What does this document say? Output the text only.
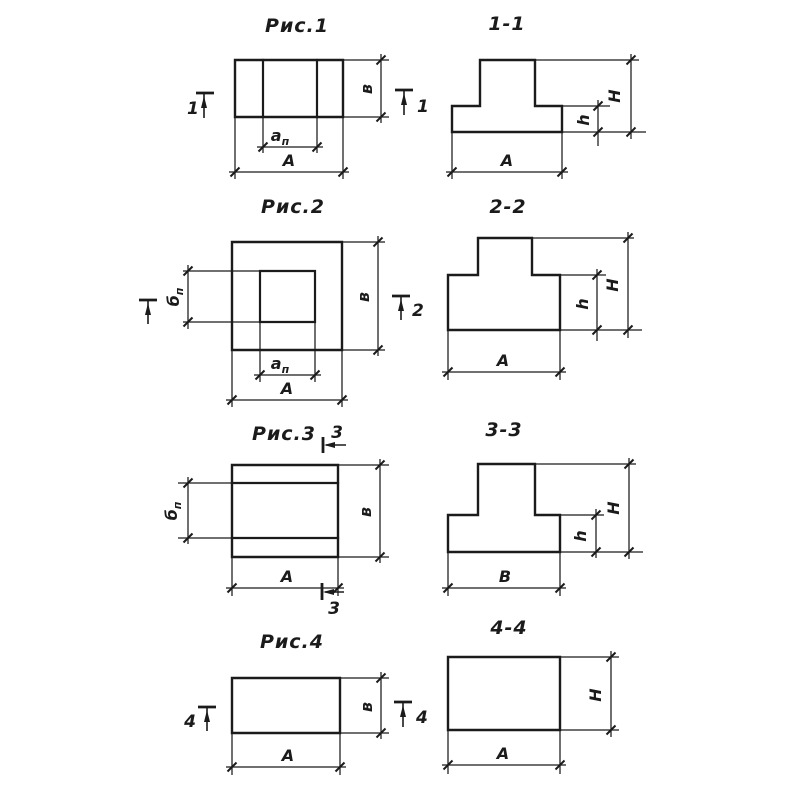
Рис.1
$а_п$
А
в
1	1
1-1
Н
h
А
Рис.2
$б_п$
в
$а_п$
А
2
2-2
Н
h
А
Рис.3 3
$б_п$
в
А
3
3-3
Н
h
В
Рис.4
в
А
4	4
4-4
Н
А
